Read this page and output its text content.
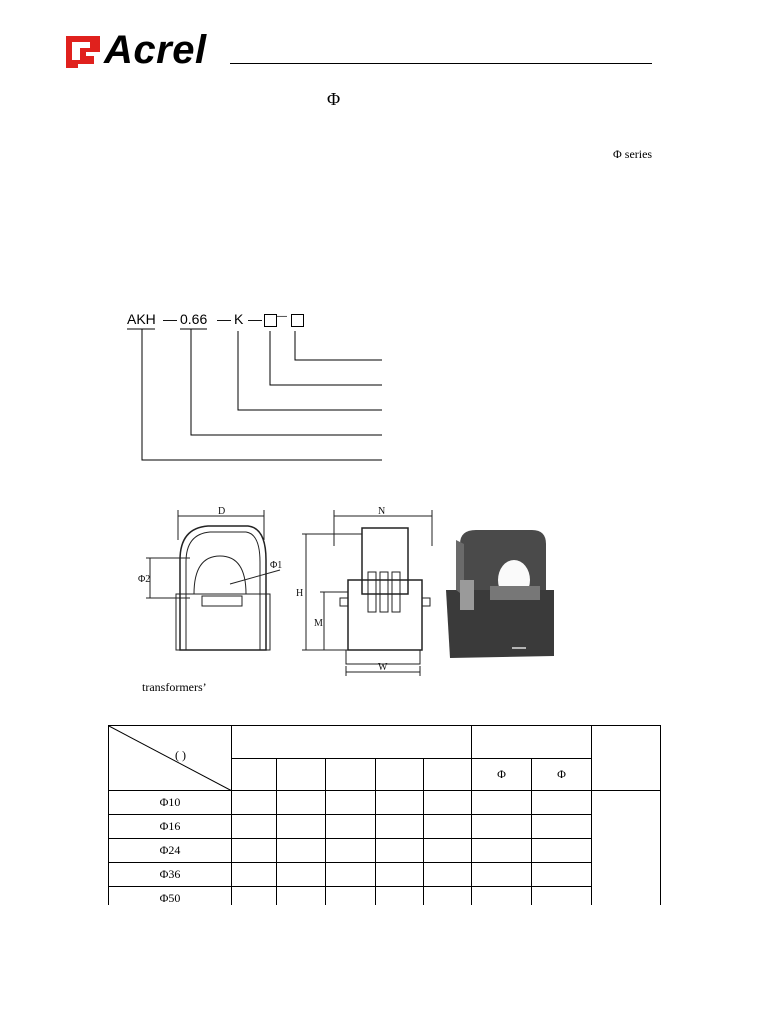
Acrel
Φ
Φ series
AKH — 0.66 — K — —
D
Φ2
Φ1
N
H
M
W
transformers’
( )								

						Φ	Φ	
Φ10								
Φ16								
Φ24								
Φ36								
Φ50								
